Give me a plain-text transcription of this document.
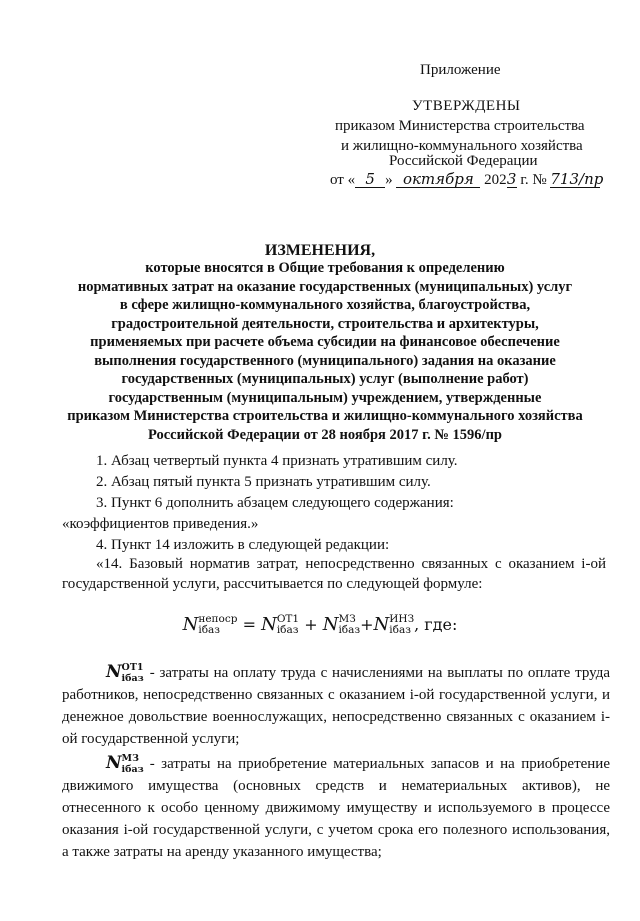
Приложение
УТВЕРЖДЕНЫ
приказом Министерства строительства
и жилищно-коммунального хозяйства
Российской Федерации
от « 5 » октября 2023 г. № 713/пр
ИЗМЕНЕНИЯ,
которые вносятся в Общие требования к определению
нормативных затрат на оказание государственных (муниципальных) услуг
в сфере жилищно-коммунального хозяйства, благоустройства,
градостроительной деятельности, строительства и архитектуры,
применяемых при расчете объема субсидии на финансовое обеспечение
выполнения государственного (муниципального) задания на оказание
государственных (муниципальных) услуг (выполнение работ)
государственным (муниципальным) учреждением, утвержденные
приказом Министерства строительства и жилищно-коммунального хозяйства
Российской Федерации от 28 ноября 2017 г. № 1596/пр
1. Абзац четвертый пункта 4 признать утратившим силу.
2. Абзац пятый пункта 5 признать утратившим силу.
3. Пункт 6 дополнить абзацем следующего содержания:
«коэффициентов приведения.»
4. Пункт 14 изложить в следующей редакции:
«14. Базовый норматив затрат, непосредственно связанных с оказанием i-ой
государственной услуги, рассчитывается по следующей формуле:
N непоср
iбаз	= N ОТ1
iбаз + N МЗ
iбаз +N ИНЗ
iбаз , где:
N ОТ1
iбаз - затраты на оплату труда с начислениями на выплаты по оплате труда работников, непосредственно связанных с оказанием i-ой государственной услуги, и денежное довольствие военнослужащих, непосредственно связанных с оказанием i-ой государственной услуги;
N МЗ
iбаз - затраты на приобретение материальных запасов и на приобретение движимого имущества (основных средств и нематериальных активов), не отнесенного к особо ценному движимому имуществу и используемого в процессе оказания i-ой государственной услуги, с учетом срока его полезного использования, а также затраты на аренду указанного имущества;
